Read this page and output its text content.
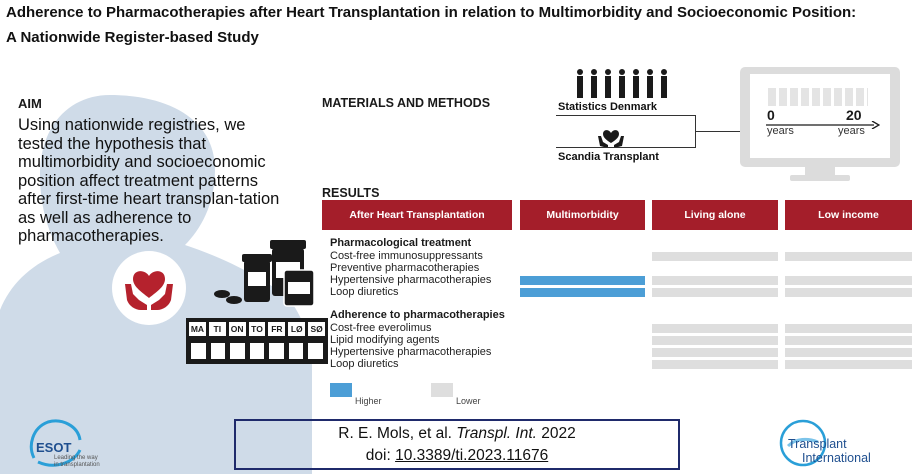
Adherence to Pharmacotherapies after Heart Transplantation in relation to Multimorbidity and Socioeconomic Position:
A Nationwide Register-based Study
AIM
Using nationwide registries, we tested the hypothesis that multimorbidity and socioeconomic position affect treatment patterns after first-time heart transplan-tation as well as adherence to pharmacotherapies.
MA	TI	ON TO FR LØ SØ
MATERIALS AND METHODS	Statistics Denmark
Scandia Transplant
0
years
20
years
RESULTS
After Heart Transplantation	Multimorbidity	Living alone	Low income
Pharmacological treatment
Cost-free immunosuppressants
Preventive pharmacotherapies
Hypertensive pharmacotherapies
Loop diuretics
Adherence to pharmacotherapies
Cost-free everolimus
Lipid modifying agents
Hypertensive pharmacotherapies
Loop diuretics
Higher	Lower
R. E. Mols, et al. Transpl. Int. 2022
doi: 10.3389/ti.2023.11676
ESOT
Leading the way
in transplantation
Transplant
International
